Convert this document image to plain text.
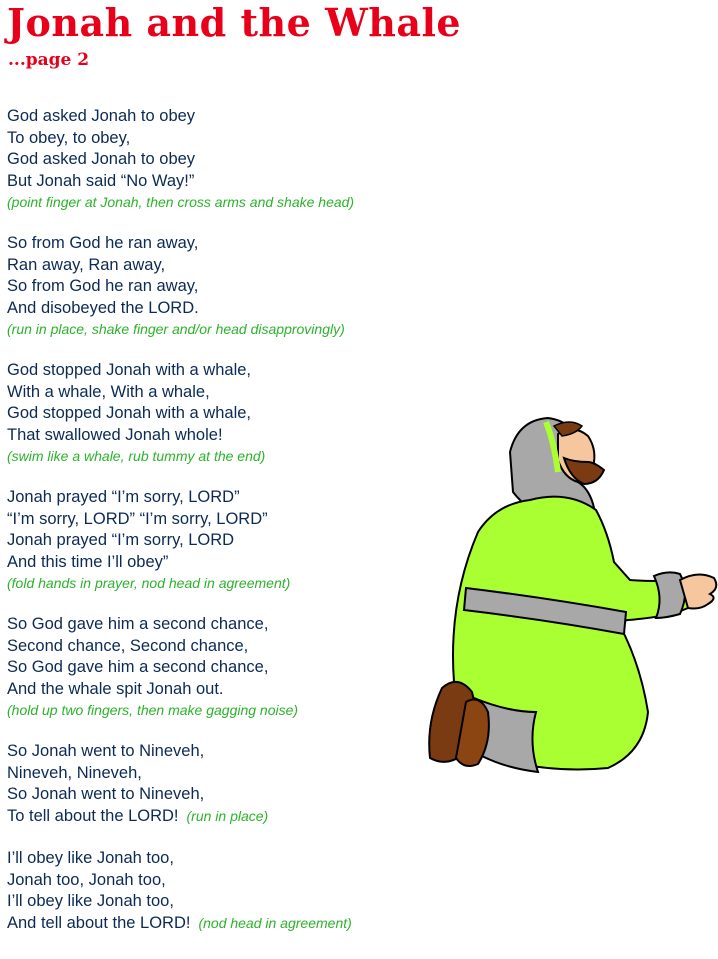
Jonah and the Whale
...page 2
God asked Jonah to obey
To obey, to obey,
God asked Jonah to obey
But Jonah said “No Way!”
(point finger at Jonah, then cross arms and shake head)
So from God he ran away,
Ran away, Ran away,
So from God he ran away,
And disobeyed the LORD.
(run in place, shake finger and/or head disapprovingly)
God stopped Jonah with a whale,
With a whale, With a whale,
God stopped Jonah with a whale,
That swallowed Jonah whole!
(swim like a whale, rub tummy at the end)
Jonah prayed “I’m sorry, LORD”
“I’m sorry, LORD” “I’m sorry, LORD”
Jonah prayed “I’m sorry, LORD
And this time I’ll obey”
(fold hands in prayer, nod head in agreement)
So God gave him a second chance,
Second chance, Second chance,
So God gave him a second chance,
And the whale spit Jonah out.
(hold up two fingers, then make gagging noise)
So Jonah went to Nineveh,
Nineveh, Nineveh,
So Jonah went to Nineveh,
To tell about the LORD! (run in place)
I’ll obey like Jonah too,
Jonah too, Jonah too,
I’ll obey like Jonah too,
And tell about the LORD! (nod head in agreement)
